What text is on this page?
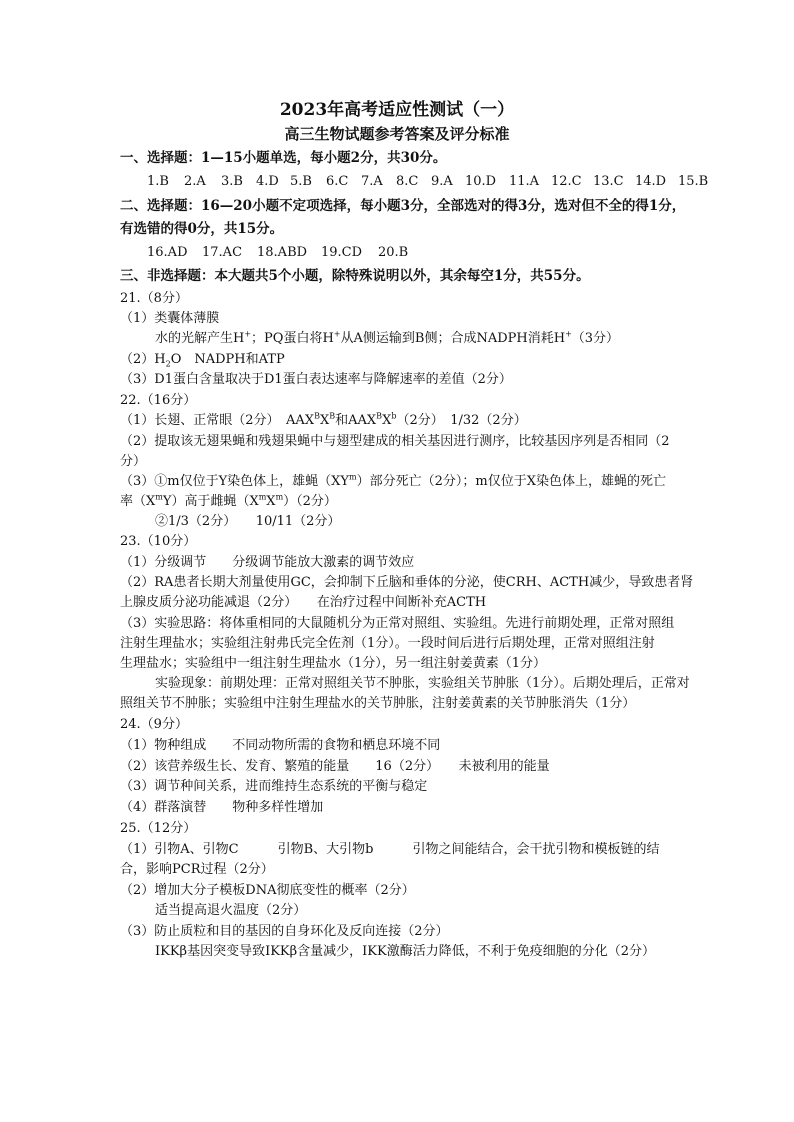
2023年高考适应性测试（一）
高三生物试题参考答案及评分标准
一、选择题：1—15小题单选，每小题2分，共30分。
1.B 2.A 3.B 4.D 5.B 6.C 7.A 8.C 9.A 10.D 11.A 12.C 13.C 14.D 15.B
二、选择题：16—20小题不定项选择，每小题3分，全部选对的得3分，选对但不全的得1分，
有选错的得0分，共15分。
16.AD 17.AC 18.ABD 19.CD 20.B
三、非选择题：本大题共5个小题，除特殊说明以外，其余每空1分，共55分。
21.（8分）
（1）类囊体薄膜
水的光解产生H+；PQ蛋白将H+从A侧运输到B侧；合成NADPH消耗H+（3分）
$(2)H_2O$　NADPH和ATP
（3）D1蛋白含量取决于D1蛋白表达速率与降解速率的差值（2分）
22.（16分）
（1）长翅、正常眼（2分）　$AAX^BX^B$和$AAX^BX^b(2$分）　1/32（2分）
（2）提取该无翅果蝇和残翅果蝇中与翅型建成的相关基因进行测序，比较基因序列是否相同（2
分）
（3）①m仅位于Y染色体上，雄蝇$(XY^m)$部分死亡（2分）；m仅位于X染色体上，雄蝇的死亡
率$(X^mY)$高于雌蝇$(X^mX^m)(2$分）
②1/3（2分）　　10/11（2分）
23.（10分）
（1）分级调节　　分级调节能放大激素的调节效应
（2）RA患者长期大剂量使用GC，会抑制下丘脑和垂体的分泌，使CRH、ACTH减少，导致患者肾
上腺皮质分泌功能减退（2分）　　在治疗过程中间断补充ACTH
（3）实验思路：将体重相同的大鼠随机分为正常对照组、实验组。先进行前期处理，正常对照组
注射生理盐水；实验组注射弗氏完全佐剂（1分）。一段时间后进行后期处理，正常对照组注射
生理盐水；实验组中一组注射生理盐水（1分），另一组注射姜黄素（1分）
实验现象：前期处理：正常对照组关节不肿胀，实验组关节肿胀（1分）。后期处理后，正常对
照组关节不肿胀；实验组中注射生理盐水的关节肿胀，注射姜黄素的关节肿胀消失（1分）
24.（9分）
（1）物种组成　　不同动物所需的食物和栖息环境不同
（2）该营养级生长、发育、繁殖的能量　　16（2分）　　未被利用的能量
（3）调节种间关系，进而维持生态系统的平衡与稳定
（4）群落演替　　物种多样性增加
25.（12分）
（1）引物A、引物C　　　引物B、大引物b　　　引物之间能结合，会干扰引物和模板链的结
合，影响PCR过程（2分）
（2）增加大分子模板DNA彻底变性的概率（2分）
适当提高退火温度（2分）
（3）防止质粒和目的基因的自身环化及反向连接（2分）
IKKβ基因突变导致IKKβ含量减少，IKK激酶活力降低，不利于免疫细胞的分化（2分）
